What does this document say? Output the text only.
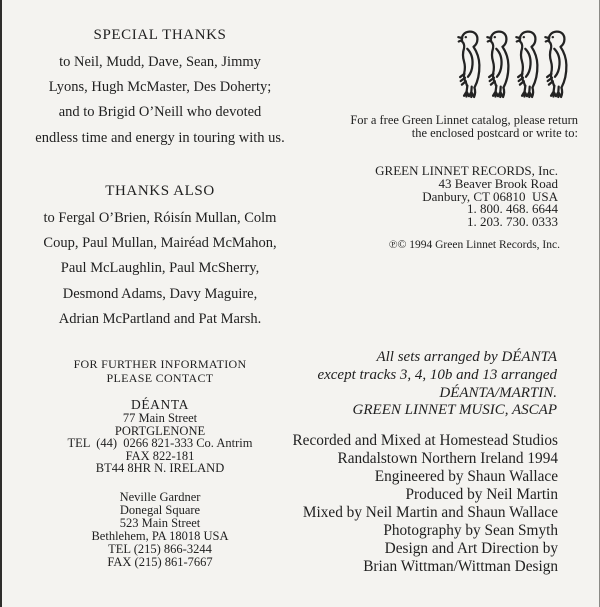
SPECIAL THANKS
to Neil, Mudd, Dave, Sean, Jimmy
Lyons, Hugh McMaster, Des Doherty;
and to Brigid O’Neill who devoted
endless time and energy in touring with us.
THANKS ALSO
to Fergal O’Brien, Róisín Mullan, Colm
Coup, Paul Mullan, Mairéad McMahon,
Paul McLaughlin, Paul McSherry,
Desmond Adams, Davy Maguire,
Adrian McPartland and Pat Marsh.
FOR FURTHER INFORMATION
PLEASE CONTACT
DÉANTA
77 Main Street
PORTGLENONE
TEL  (44)  0266 821-333 Co. Antrim
FAX 822-181
BT44 8HR N. IRELAND
Neville Gardner
Donegal Square
523 Main Street
Bethlehem, PA 18018 USA
TEL (215) 866-3244
FAX (215) 861-7667
For a free Green Linnet catalog, please return
the enclosed postcard or write to:
GREEN LINNET RECORDS, Inc.
43 Beaver Brook Road
Danbury, CT 06810  USA
1. 800. 468. 6644
1. 203. 730. 0333
℗© 1994 Green Linnet Records, Inc.
All sets arranged by DÉANTA
except tracks 3, 4, 10b and 13 arranged
DÉANTA/MARTIN.
GREEN LINNET MUSIC, ASCAP
Recorded and Mixed at Homestead Studios
Randalstown Northern Ireland 1994
Engineered by Shaun Wallace
Produced by Neil Martin
Mixed by Neil Martin and Shaun Wallace
Photography by Sean Smyth
Design and Art Direction by
Brian Wittman/Wittman Design
